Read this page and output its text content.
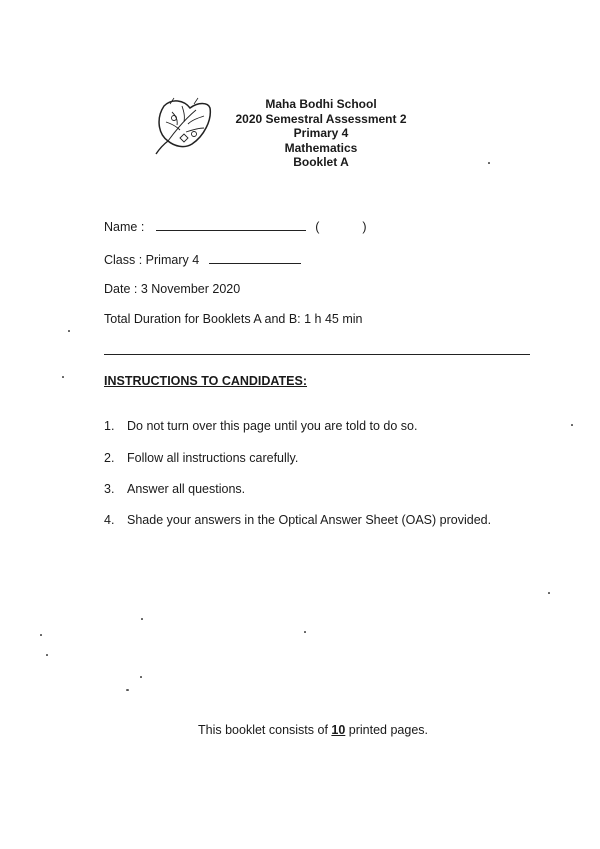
Maha Bodhi School
2020 Semestral Assessment 2
Primary 4
Mathematics
Booklet A
Name :	(	)
Class : Primary 4
Date : 3 November 2020
Total Duration for Booklets A and B: 1 h 45 min
INSTRUCTIONS TO CANDIDATES:
1. Do not turn over this page until you are told to do so.
2. Follow all instructions carefully.
3. Answer all questions.
4. Shade your answers in the Optical Answer Sheet (OAS) provided.
This booklet consists of 10 printed pages.
